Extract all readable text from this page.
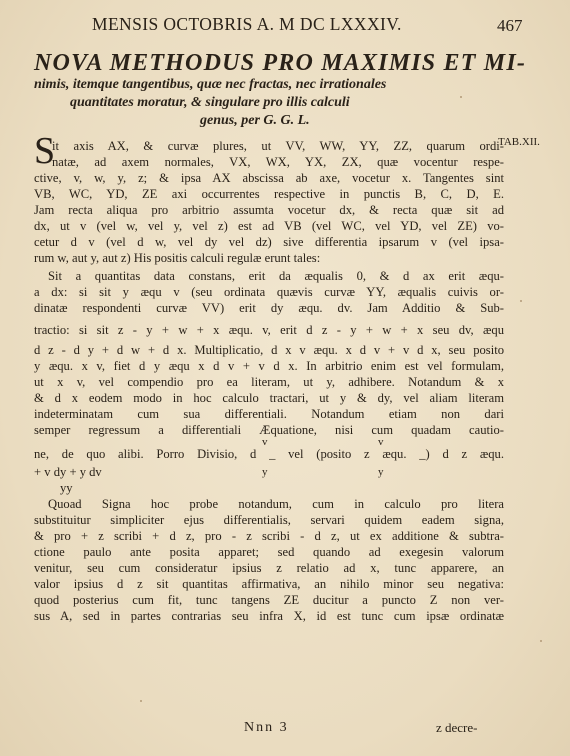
MENSIS OCTOBRIS A. M DC LXXXIV.	467
NOVA METHODUS PRO MAXIMIS ET MI-
nimis, itemque tangentibus, quæ nec fractas, nec irrationales
quantitates moratur, & singulare pro illis calculi
genus, per G. G. L.
TAB.XII.
S
it axis AX, & curvæ plures, ut VV, WW, YY, ZZ, quarum ordi-
natæ, ad axem normales, VX, WX, YX, ZX, quæ vocentur respe-
ctive, v, w, y, z; & ipsa AX abscissa ab axe, vocetur x. Tangentes sint
VB, WC, YD, ZE axi occurrentes respective in punctis B, C, D, E.
Jam recta aliqua pro arbitrio assumta vocetur dx, & recta quæ sit ad
dx, ut v (vel w, vel y, vel z) est ad VB (vel WC, vel YD, vel ZE) vo-
cetur d v (vel d w, vel dy vel dz) sive differentia ipsarum v (vel ipsa-
rum w, aut y, aut z) His positis calculi regulæ erunt tales:
Sit a quantitas data constans, erit da æqualis 0, & d ax erit æqu-
a dx: si sit y æqu v (seu ordinata quævis curvæ YY, æqualis cuivis or-
dinatæ respondenti curvæ VV) erit dy æqu. dv. Jam Additio & Sub-
tractio: si sit z - y + w + x æqu. v, erit d z - y + w + x seu dv, æqu
d z - d y + d w + d x. Multiplicatio, d x v æqu. x d v + v d x, seu posito
y æqu. x v, fiet d y æqu x d v + v d x. In arbitrio enim est vel formulam,
ut x v, vel compendio pro ea literam, ut y, adhibere. Notandum & x
& d x eodem modo in hoc calculo tractari, ut y & dy, vel aliam literam
indeterminatam cum sua differentiali. Notandum etiam non dari
semper regressum a differentiali Æquatione, nisi cum quadam cautio-
ne, de quo alibi. Porro Divisio, d _ vel (posito z æqu. _) d z æqu.
+ v dy + y dv
yy
Quoad Signa hoc probe notandum, cum in calculo pro litera
substituitur simpliciter ejus differentialis, servari quidem eadem signa,
& pro + z scribi + d z, pro - z scribi - d z, ut ex additione & subtra-
ctione paulo ante posita apparet; sed quando ad exegesin valorum
venitur, seu cum consideratur ipsius z relatio ad x, tunc apparere, an
valor ipsius d z sit quantitas affirmativa, an nihilo minor seu negativa:
quod posterius cum fit, tunc tangens ZE ducitur a puncto Z non ver-
sus A, sed in partes contrarias seu infra X, id est tunc cum ipsæ ordinatæ
v
y
v
y
Nnn 3	z decre-
